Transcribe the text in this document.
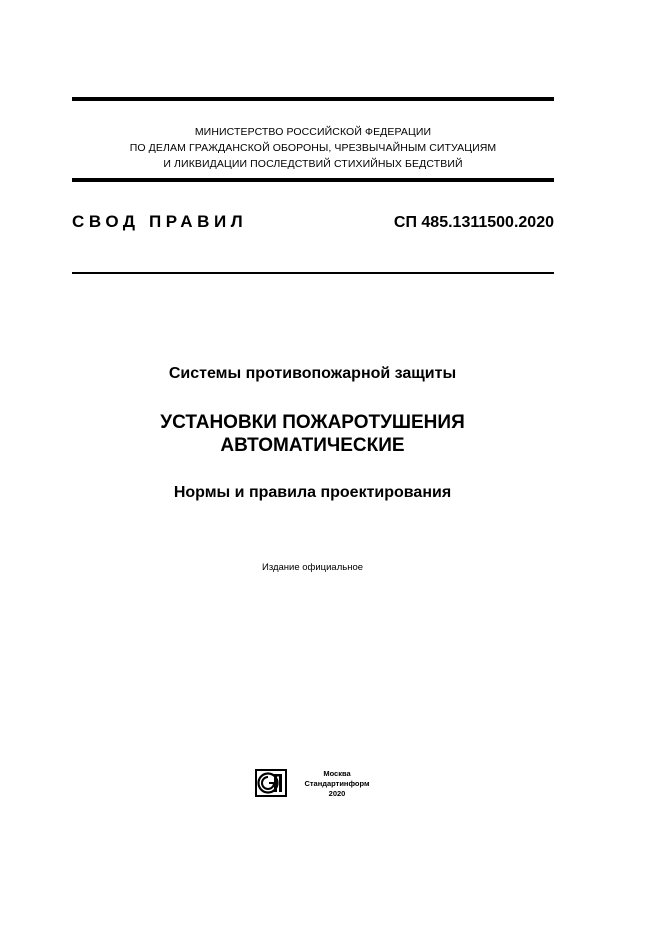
МИНИСТЕРСТВО РОССИЙСКОЙ ФЕДЕРАЦИИ
ПО ДЕЛАМ ГРАЖДАНСКОЙ ОБОРОНЫ, ЧРЕЗВЫЧАЙНЫМ СИТУАЦИЯМ
И ЛИКВИДАЦИИ ПОСЛЕДСТВИЙ СТИХИЙНЫХ БЕДСТВИЙ
СВОД ПРАВИЛ	СП 485.1311500.2020
Системы противопожарной защиты
УСТАНОВКИ ПОЖАРОТУШЕНИЯ
АВТОМАТИЧЕСКИЕ
Нормы и правила проектирования
Издание официальное
Москва
Стандартинформ
2020
